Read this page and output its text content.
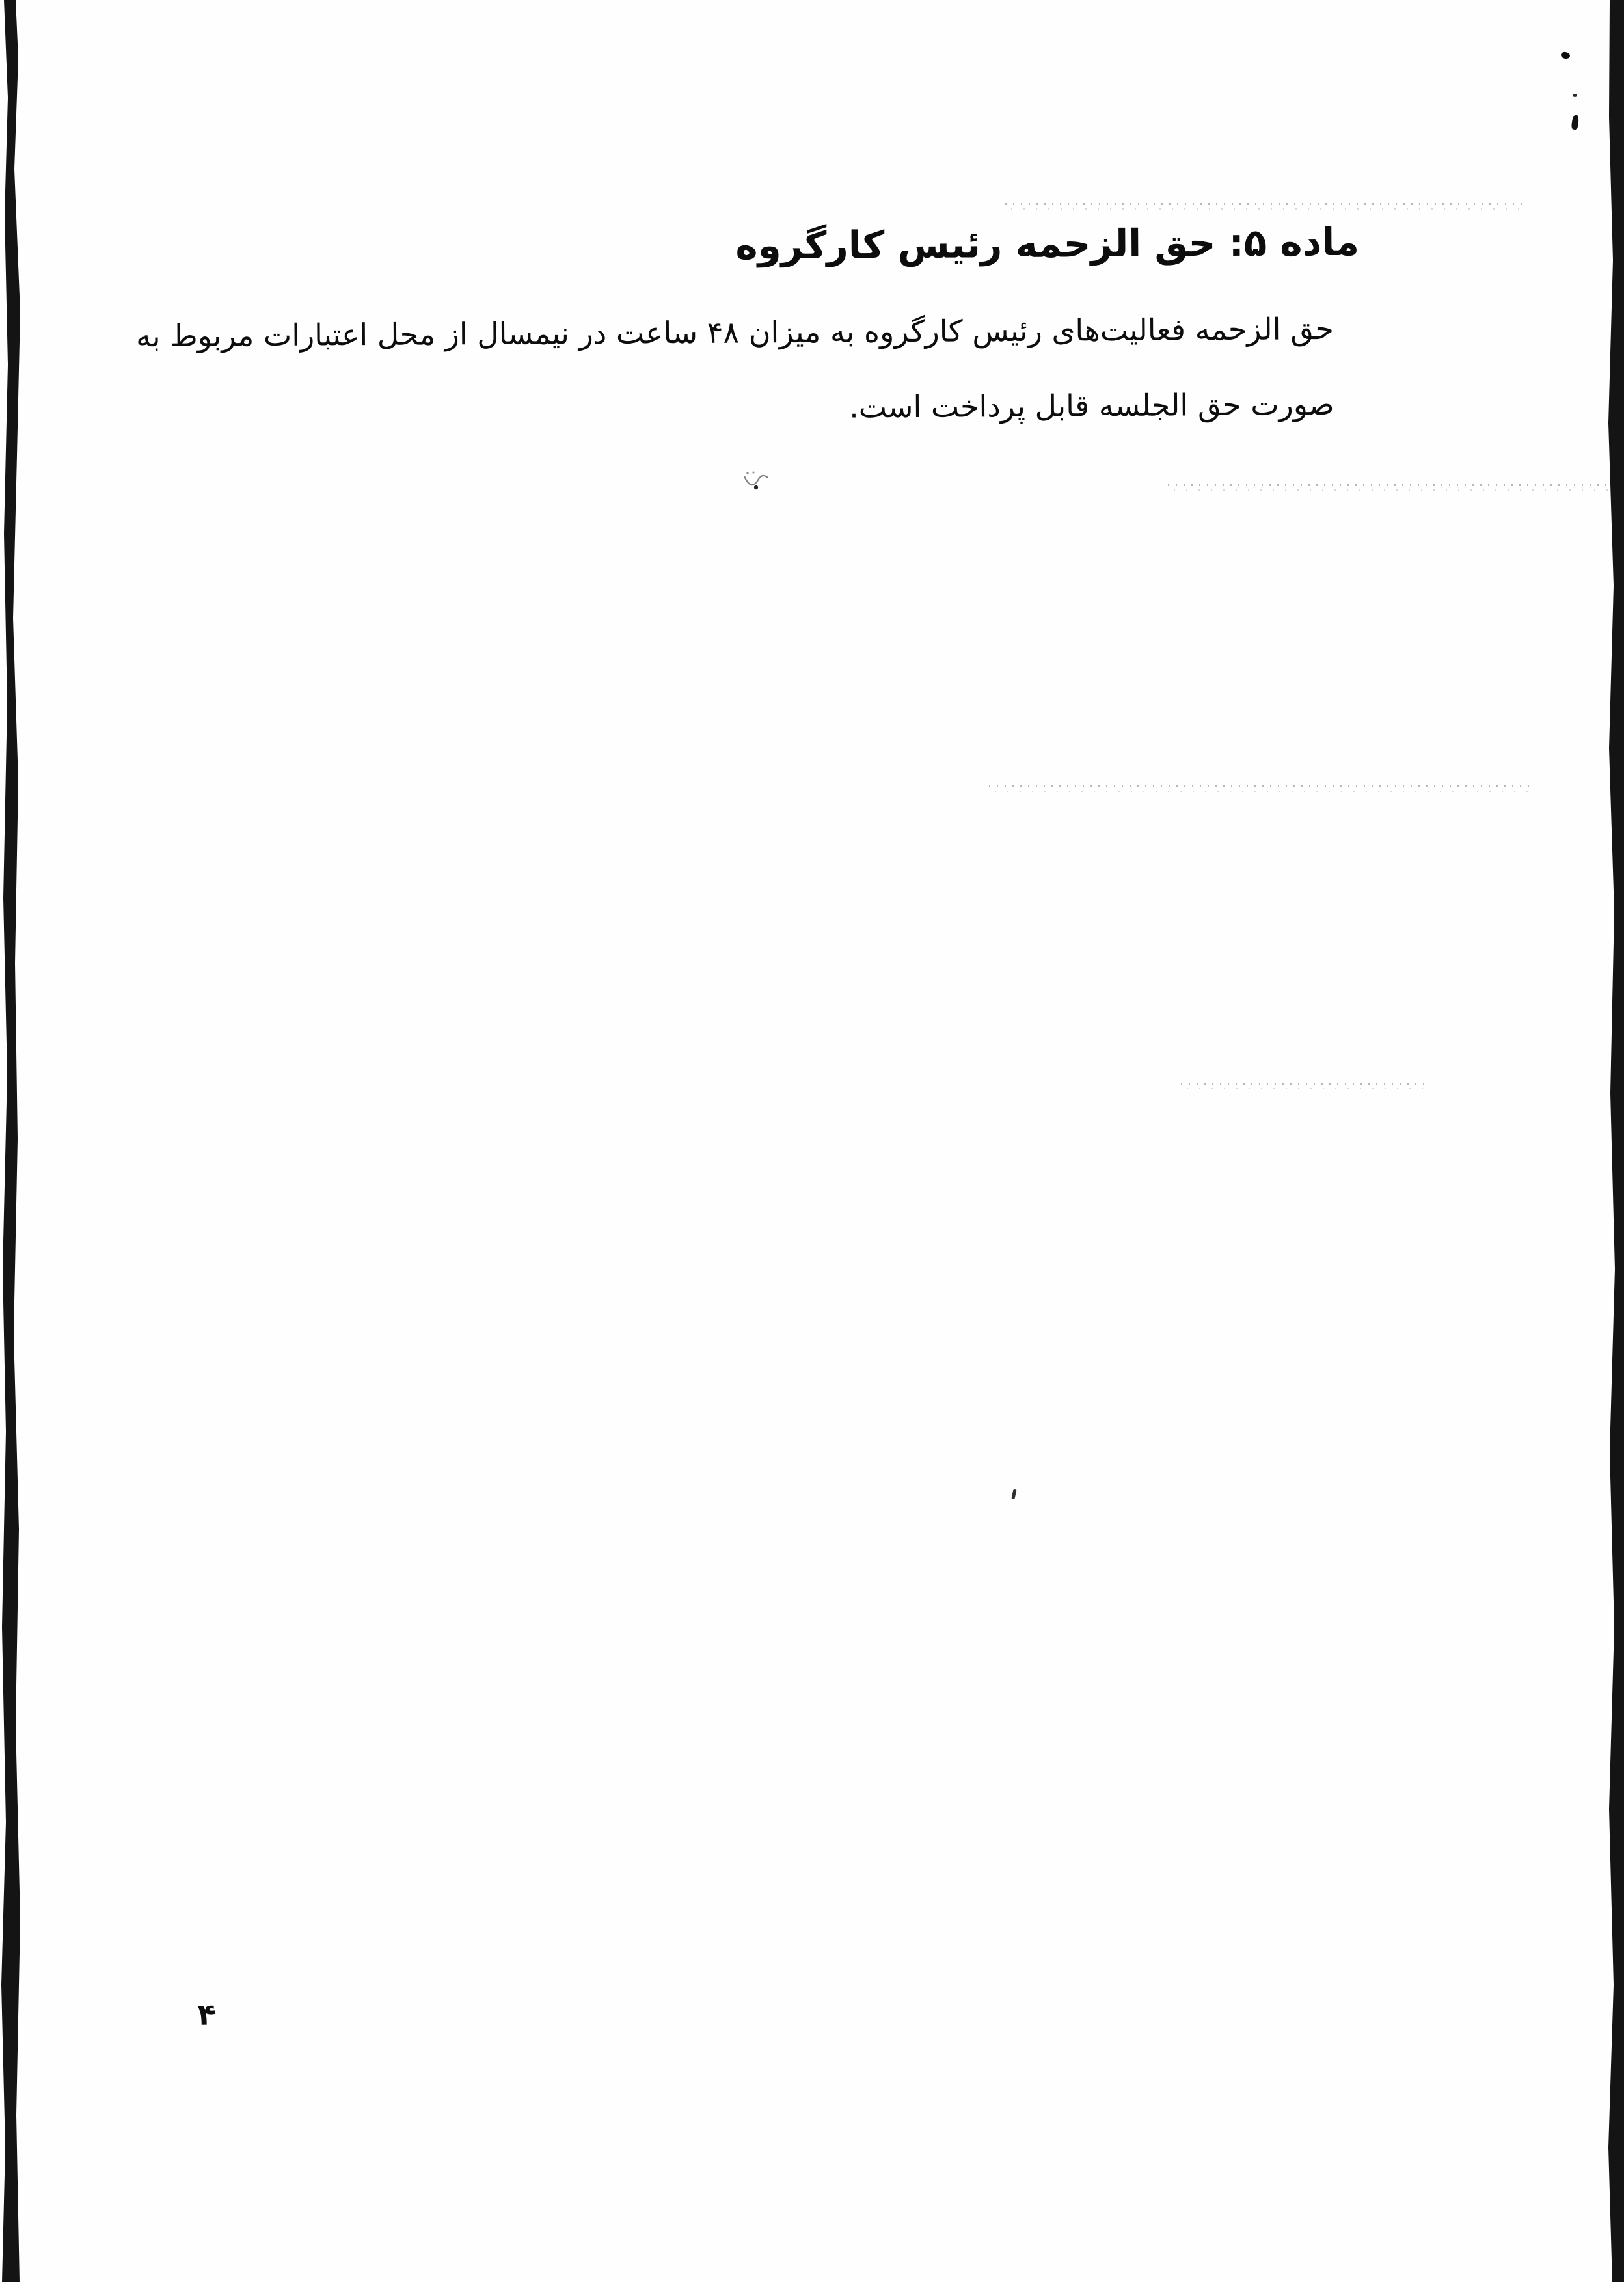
ماده ۵: حق الزحمه رئیس کارگروه
حق الزحمه فعالیت‌های رئیس کارگروه به میزان ۴۸ ساعت در نیمسال از محل اعتبارات مربوط به
صورت حق الجلسه قابل پرداخت است.
۴
